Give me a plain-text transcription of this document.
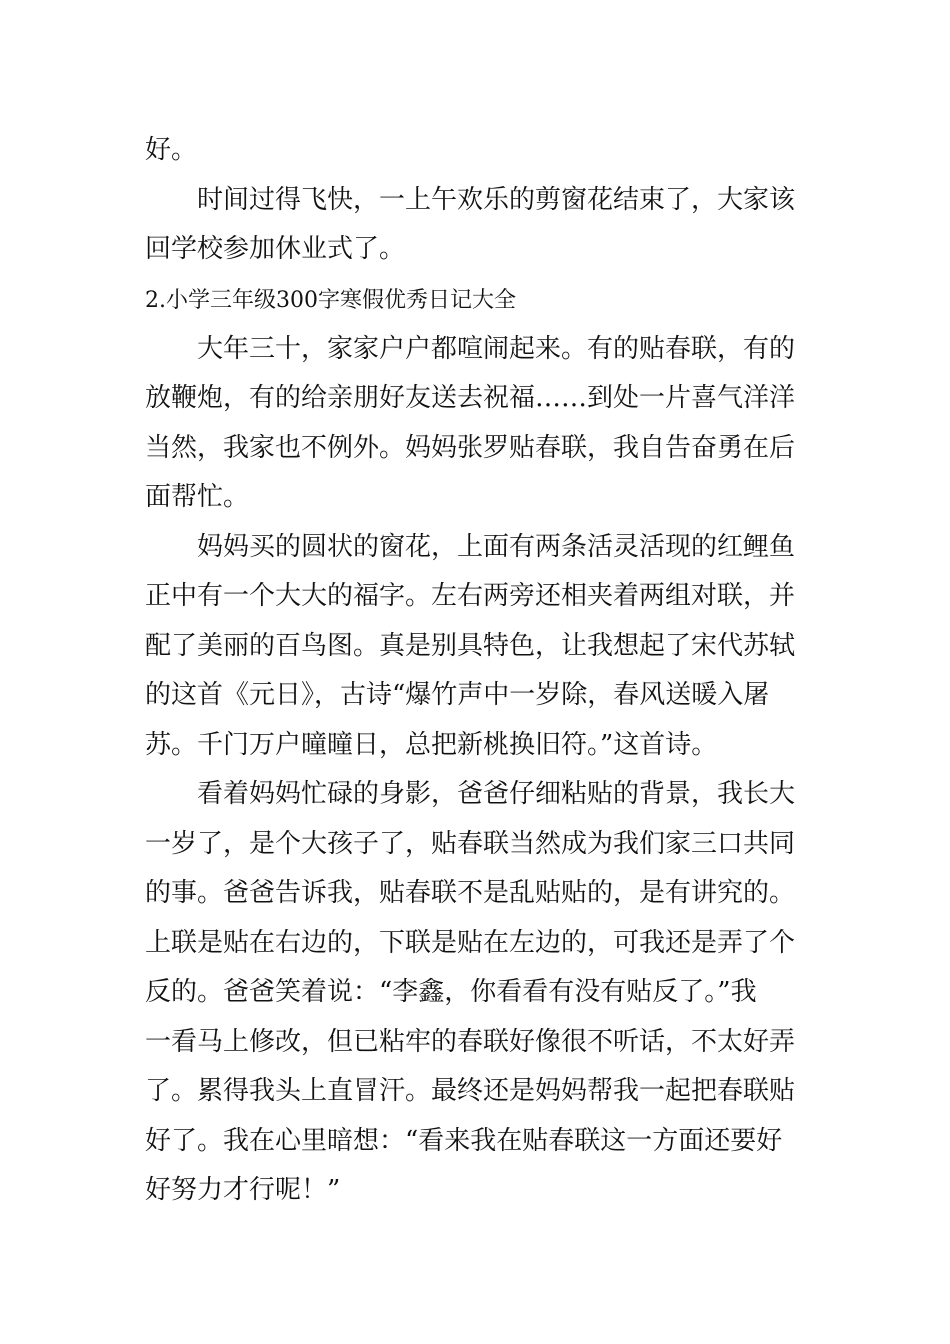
好。
时间过得飞快，一上午欢乐的剪窗花结束了，大家该
回学校参加休业式了。
2.小学三年级300字寒假优秀日记大全
大年三十，家家户户都喧闹起来。有的贴春联，有的
放鞭炮，有的给亲朋好友送去祝福……到处一片喜气洋洋
当然，我家也不例外。妈妈张罗贴春联，我自告奋勇在后
面帮忙。
妈妈买的圆状的窗花，上面有两条活灵活现的红鲤鱼
正中有一个大大的福字。左右两旁还相夹着两组对联，并
配了美丽的百鸟图。真是别具特色，让我想起了宋代苏轼
的这首《元日》，古诗“爆竹声中一岁除，春风送暖入屠
苏。千门万户曈曈日，总把新桃换旧符。”这首诗。
看着妈妈忙碌的身影，爸爸仔细粘贴的背景，我长大
一岁了，是个大孩子了，贴春联当然成为我们家三口共同
的事。爸爸告诉我，贴春联不是乱贴贴的，是有讲究的。
上联是贴在右边的，下联是贴在左边的，可我还是弄了个
反的。爸爸笑着说：“李鑫，你看看有没有贴反了。”我
一看马上修改，但已粘牢的春联好像很不听话，不太好弄
了。累得我头上直冒汗。最终还是妈妈帮我一起把春联贴
好了。我在心里暗想：“看来我在贴春联这一方面还要好
好努力才行呢！”
